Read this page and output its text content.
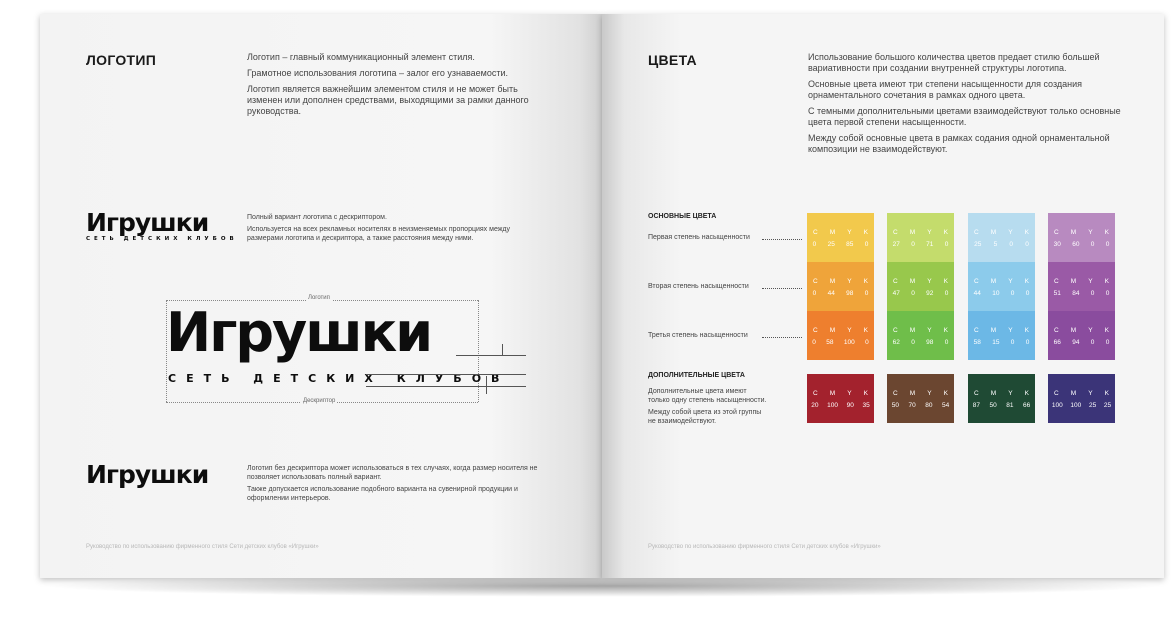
ЛОГОТИП	Логотип – главный коммуникационный элемент стиля.

Грамотное использования логотипа – залог его узнаваемости.

Логотип является важнейшим элементом стиля и не может быть изменен или дополнен средствами, выходящими за рамки данного руководства.

Игрушки
СЕТЬ ДЕТСКИХ КЛУБОВ

Полный вариант логотипа с дескриптором.

Используется на всех рекламных носителях в неизменяемых пропорциях между размерами логотипа и дескриптора, а также расстояния между ними.

Логотип
Игрушки
СЕТЬ ДЕТСКИХ КЛУБОВ
Дескриптор
Игрушки	Логотип без дескриптора может использоваться в тех случаях, когда размер носителя не позволяет использовать полный вариант.

Также допускается использование подобного варианта на сувенирной продукции и оформлении интерьеров.

Руководство по использованию фирменного стиля Сети детских клубов «Игрушки»
ЦВЕТА	Использование большого количества цветов предает стилю большей вариативности при создании внутренней структуры логотипа.

Основные цвета имеют три степени насыщенности для создания орнаментального сочетания в рамках одного цвета.

С темными дополнительными цветами взаимодействуют только основные цвета первой степени насыщенности.

Между собой основные цвета в рамках содания одной орнаментальной композиции не взаимодействуют.

ОСНОВНЫЕ ЦВЕТА
Первая степень насыщенности
Вторая степень насыщенности
Третья степень насыщенности
C M Y K
0 25 85 0
C M Y K
27 0 71 0
C M Y K
25 5 0 0
C M Y K
30 60 0 0
C M Y K
0 44 98 0
C M Y K
47 0 92 0
C M Y K
44 10 0 0
C M Y K
51 84 0 0
C M Y K
0 58 100 0
C M Y K
62 0 98 0
C M Y K
58 15 0 0
C M Y K
66 94 0 0
ДОПОЛНИТЕЛЬНЫЕ ЦВЕТА

Дополнительные цвета имеют только одну степень насыщенности.

Между собой цвета из этой группы не взаимодействуют.

C M Y K
20 100 90 35
C M Y K
50 70 80 54
C M Y K
87 50 81 66
C M Y K
100 100 25 25
Руководство по использованию фирменного стиля Сети детских клубов «Игрушки»
